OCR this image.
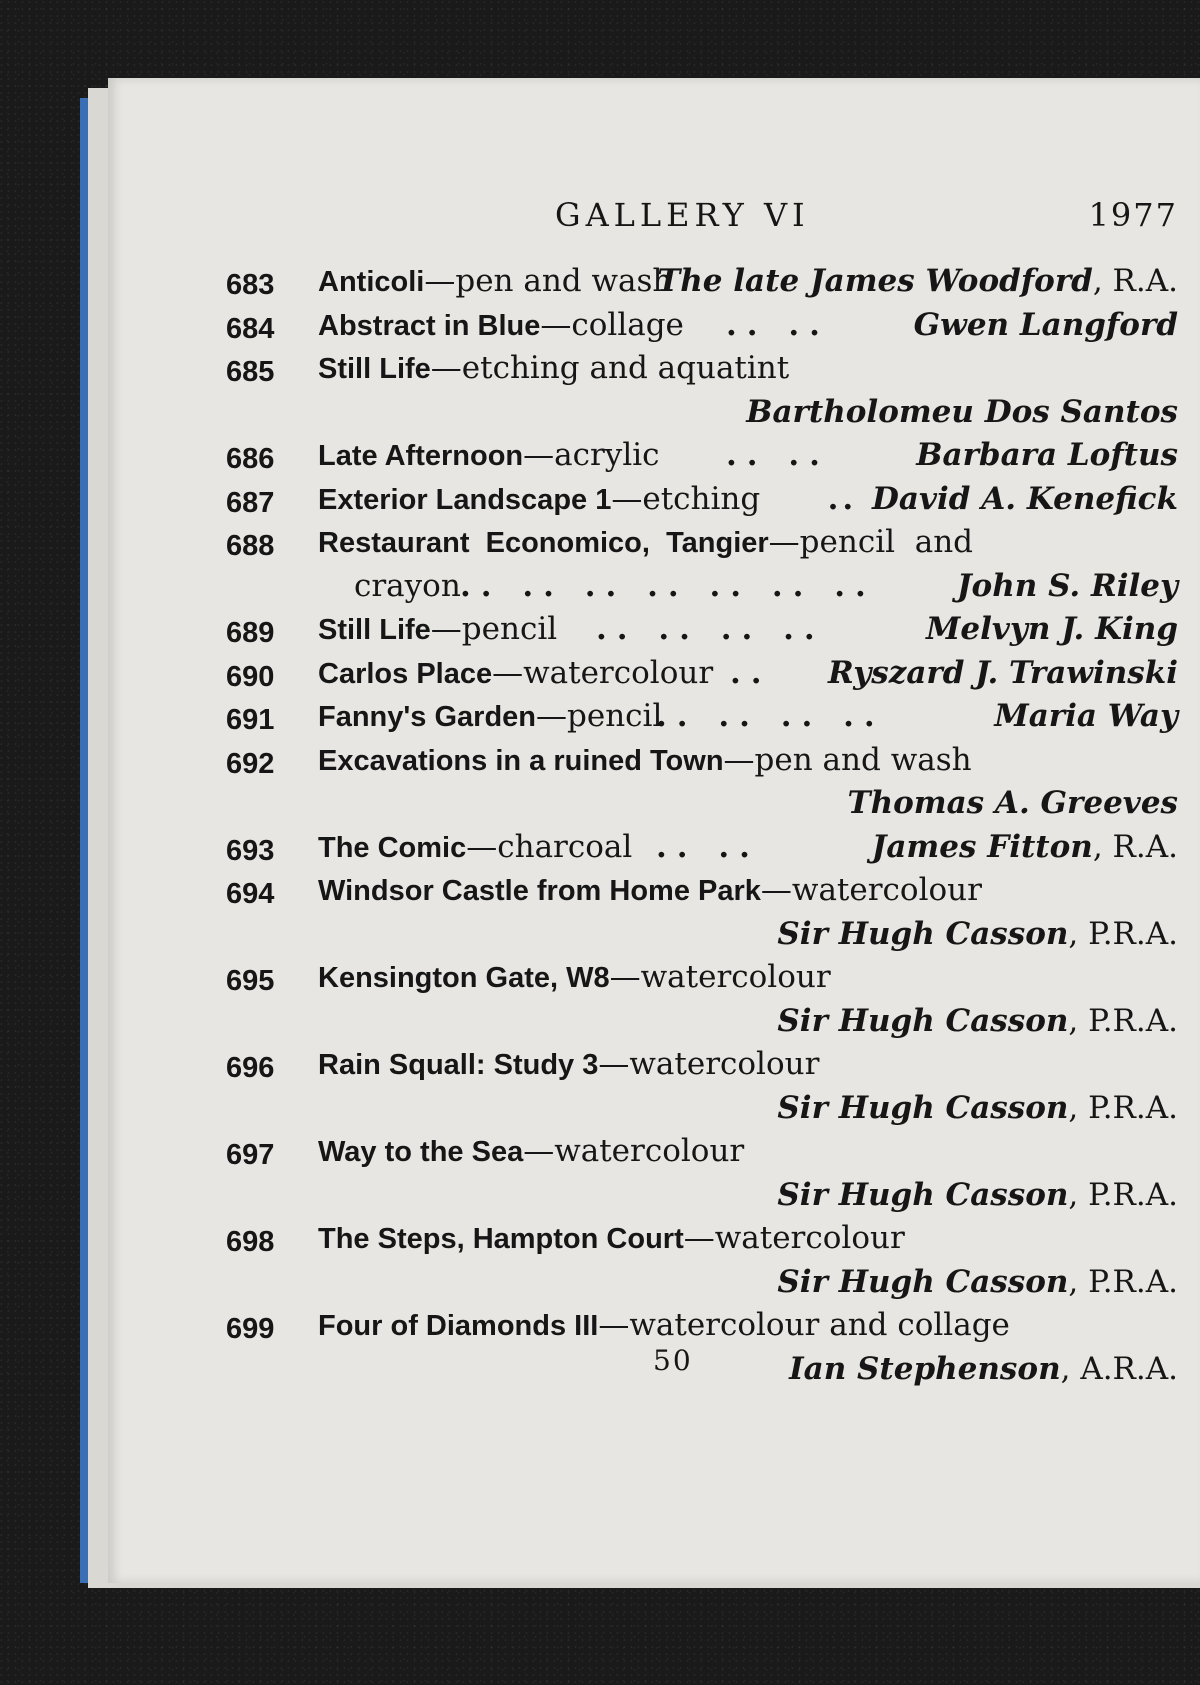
GALLERY VI	1977
683	Anticoli—pen and wash
The late James Woodford, R.A.
684	Abstract in Blue—collage .. ..	Gwen Langford
685	Still Life—etching and aquatint
Bartholomeu Dos Santos
686	Late Afternoon—acrylic .. ..	Barbara Loftus
687	Exterior Landscape 1—etching .. David A. Kenefick
688	Restaurant  Economico,  Tangier—pencil  and
crayon .. .. .. .. .. .. ..	John S. Riley
689	Still Life—pencil .. .. .. ..	Melvyn J. King
690	Carlos Place—watercolour .. Ryszard J. Trawinski
691	Fanny's Garden—pencil
.. .. .. ..	Maria Way
692	Excavations in a ruined Town—pen and wash
Thomas A. Greeves
693	The Comic—charcoal .. ..	James Fitton, R.A.
694	Windsor Castle from Home Park—watercolour
Sir Hugh Casson, P.R.A.
695	Kensington Gate, W8—watercolour
Sir Hugh Casson, P.R.A.
696	Rain Squall: Study 3—watercolour
Sir Hugh Casson, P.R.A.
697	Way to the Sea—watercolour
Sir Hugh Casson, P.R.A.
698	The Steps, Hampton Court—watercolour
Sir Hugh Casson, P.R.A.
699	Four of Diamonds III—watercolour and collage
Ian Stephenson, A.R.A.
50
